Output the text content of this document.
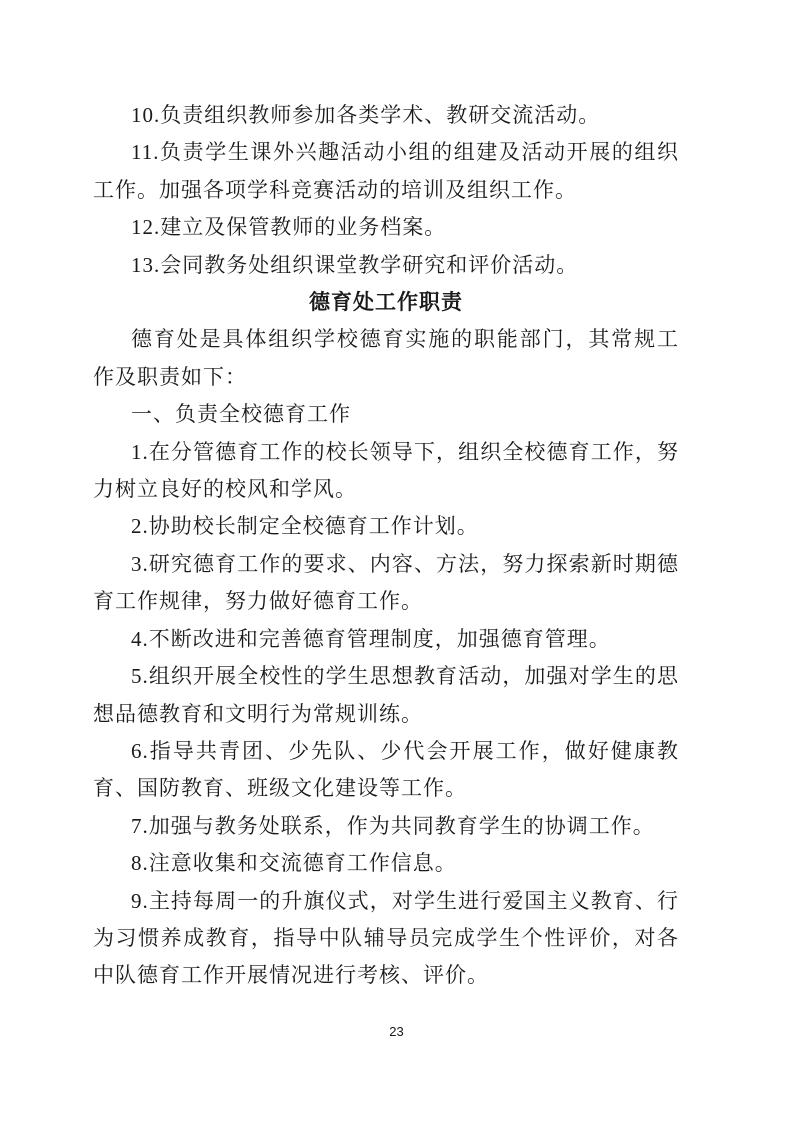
10.负责组织教师参加各类学术、教研交流活动。

11.负责学生课外兴趣活动小组的组建及活动开展的组织工作。加强各项学科竞赛活动的培训及组织工作。

12.建立及保管教师的业务档案。

13.会同教务处组织课堂教学研究和评价活动。

德育处工作职责

德育处是具体组织学校德育实施的职能部门，其常规工作及职责如下：

一、负责全校德育工作

1.在分管德育工作的校长领导下，组织全校德育工作，努力树立良好的校风和学风。

2.协助校长制定全校德育工作计划。

3.研究德育工作的要求、内容、方法，努力探索新时期德育工作规律，努力做好德育工作。

4.不断改进和完善德育管理制度，加强德育管理。

5.组织开展全校性的学生思想教育活动，加强对学生的思想品德教育和文明行为常规训练。

6.指导共青团、少先队、少代会开展工作，做好健康教育、国防教育、班级文化建设等工作。

7.加强与教务处联系，作为共同教育学生的协调工作。

8.注意收集和交流德育工作信息。

9.主持每周一的升旗仪式，对学生进行爱国主义教育、行为习惯养成教育，指导中队辅导员完成学生个性评价，对各中队德育工作开展情况进行考核、评价。

23
